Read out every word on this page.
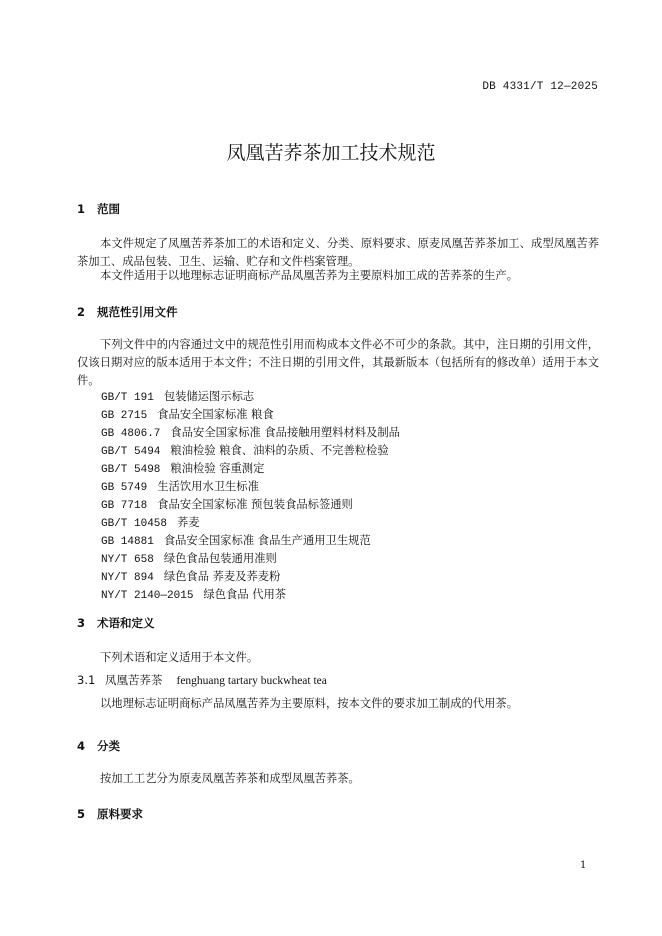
DB 4331/T 12—2025
凤凰苦荞茶加工技术规范
1 范围
本文件规定了凤凰苦荞茶加工的术语和定义、分类、原料要求、原麦凤凰苦荞茶加工、成型凤凰苦荞茶加工、成品包装、卫生、运输、贮存和文件档案管理。
本文件适用于以地理标志证明商标产品凤凰苦荞为主要原料加工成的苦荞茶的生产。
2 规范性引用文件
下列文件中的内容通过文中的规范性引用而构成本文件必不可少的条款。其中，注日期的引用文件，仅该日期对应的版本适用于本文件；不注日期的引用文件，其最新版本（包括所有的修改单）适用于本文件。
GB/T 191 包装储运图示标志
GB 2715 食品安全国家标准 粮食
GB 4806.7 食品安全国家标准 食品接触用塑料材料及制品
GB/T 5494 粮油检验 粮食、油料的杂质、不完善粒检验
GB/T 5498 粮油检验 容重测定
GB 5749 生活饮用水卫生标准
GB 7718 食品安全国家标准 预包装食品标签通则
GB/T 10458 荞麦
GB 14881 食品安全国家标准 食品生产通用卫生规范
NY/T 658 绿色食品包装通用准则
NY/T 894 绿色食品 荞麦及荞麦粉
NY/T 2140—2015 绿色食品 代用茶
3 术语和定义
下列术语和定义适用于本文件。
3.1 凤凰苦荞茶 fenghuang tartary buckwheat tea
以地理标志证明商标产品凤凰苦荞为主要原料，按本文件的要求加工制成的代用茶。
4 分类
按加工工艺分为原麦凤凰苦荞茶和成型凤凰苦荞茶。
5 原料要求
1
